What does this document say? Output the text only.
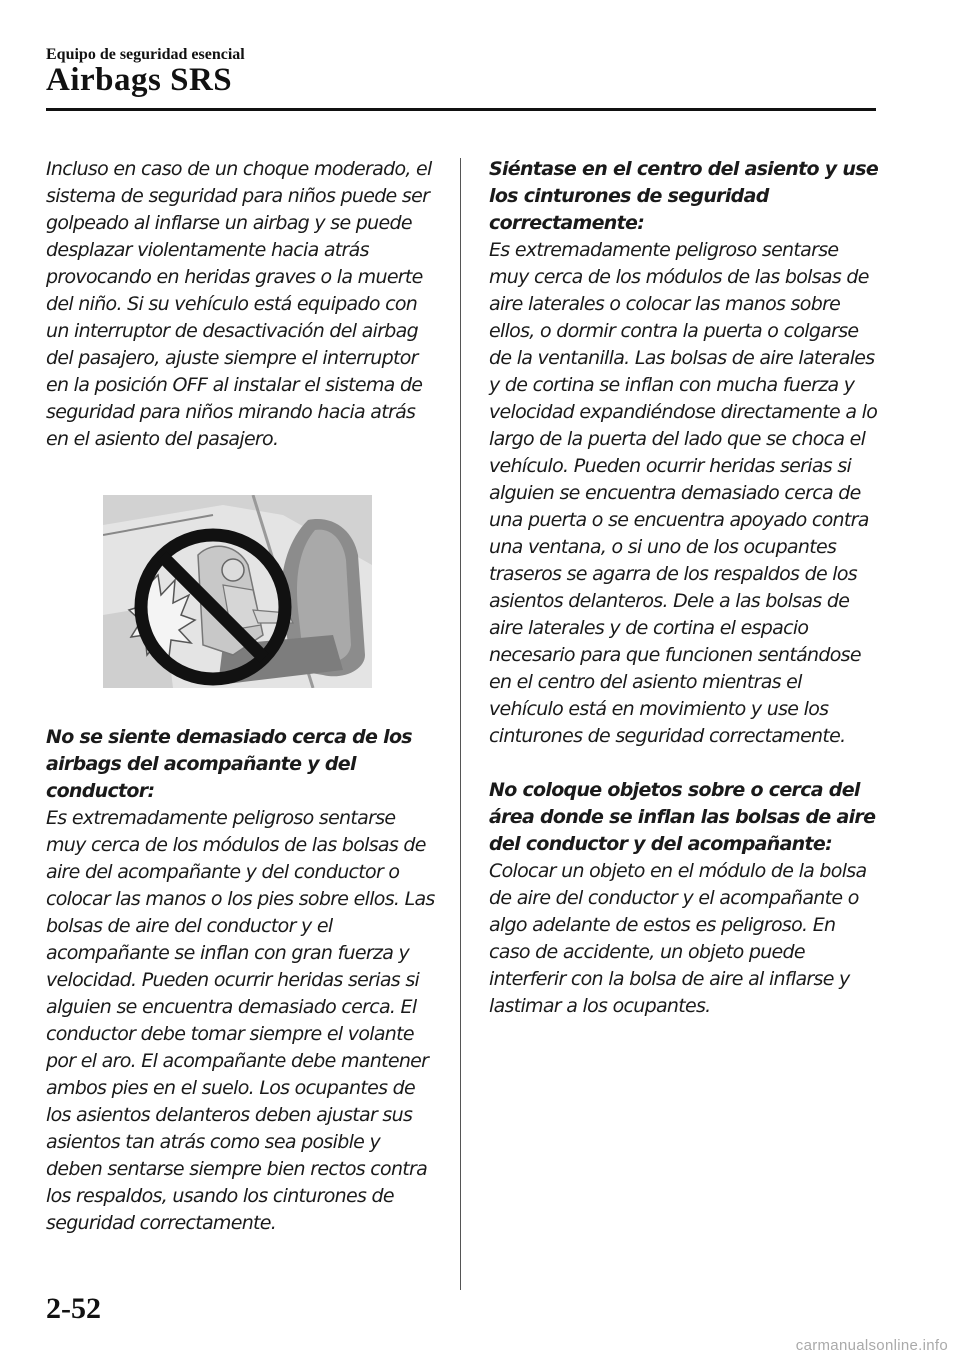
Equipo de seguridad esencial
Airbags SRS

Incluso en caso de un choque moderado, el sistema de seguridad para niños puede ser golpeado al inflarse un airbag y se puede desplazar violentamente hacia atrás provocando en heridas graves o la muerte del niño. Si su vehículo está equipado con un interruptor de desactivación del airbag del pasajero, ajuste siempre el interruptor en la posición OFF al instalar el sistema de seguridad para niños mirando hacia atrás en el asiento del pasajero.

No se siente demasiado cerca de los airbags del acompañante y del conductor:

Es extremadamente peligroso sentarse muy cerca de los módulos de las bolsas de aire del acompañante y del conductor o colocar las manos o los pies sobre ellos. Las bolsas de aire del conductor y el acompañante se inflan con gran fuerza y velocidad. Pueden ocurrir heridas serias si alguien se encuentra demasiado cerca. El conductor debe tomar siempre el volante por el aro. El acompañante debe mantener ambos pies en el suelo. Los ocupantes de los asientos delanteros deben ajustar sus asientos tan atrás como sea posible y deben sentarse siempre bien rectos contra los respaldos, usando los cinturones de seguridad correctamente.

Siéntase en el centro del asiento y use los cinturones de seguridad correctamente:

Es extremadamente peligroso sentarse muy cerca de los módulos de las bolsas de aire laterales o colocar las manos sobre ellos, o dormir contra la puerta o colgarse de la ventanilla. Las bolsas de aire laterales y de cortina se inflan con mucha fuerza y velocidad expandiéndose directamente a lo largo de la puerta del lado que se choca el vehículo. Pueden ocurrir heridas serias si alguien se encuentra demasiado cerca de una puerta o se encuentra apoyado contra una ventana, o si uno de los ocupantes traseros se agarra de los respaldos de los asientos delanteros. Dele a las bolsas de aire laterales y de cortina el espacio necesario para que funcionen sentándose en el centro del asiento mientras el vehículo está en movimiento y use los cinturones de seguridad correctamente.

No coloque objetos sobre o cerca del área donde se inflan las bolsas de aire del conductor y del acompañante:

Colocar un objeto en el módulo de la bolsa de aire del conductor y el acompañante o algo adelante de estos es peligroso. En caso de accidente, un objeto puede interferir con la bolsa de aire al inflarse y lastimar a los ocupantes.

2-52
carmanualsonline.info
